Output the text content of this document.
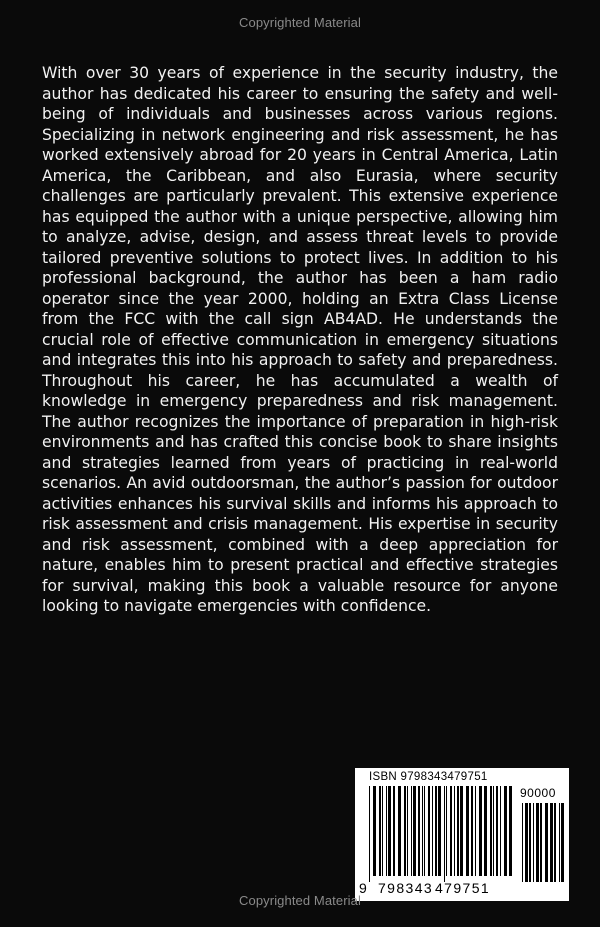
Copyrighted Material

With over 30 years of experience in the security industry, the author has dedicated his career to ensuring the safety and well-being of individuals and businesses across various regions. Specializing in network engineering and risk assessment, he has worked extensively abroad for 20 years in Central America, Latin America, the Caribbean, and also Eurasia, where security challenges are particularly prevalent. This extensive experience has equipped the author with a unique perspective, allowing him to analyze, advise, design, and assess threat levels to provide tailored preventive solutions to protect lives. In addition to his professional background, the author has been a ham radio operator since the year 2000, holding an Extra Class License from the FCC with the call sign AB4AD. He understands the crucial role of effective communication in emergency situations and integrates this into his approach to safety and preparedness. Throughout his career, he has accumulated a wealth of knowledge in emergency preparedness and risk management. The author recognizes the importance of preparation in high-risk environments and has crafted this concise book to share insights and strategies learned from years of practicing in real-world scenarios. An avid outdoorsman, the author’s passion for outdoor activities enhances his survival skills and informs his approach to risk assessment and crisis management. His expertise in security and risk assessment, combined with a deep appreciation for nature, enables him to present practical and effective strategies for survival, making this book a valuable resource for anyone looking to navigate emergencies with confidence.

ISBN 9798343479751
90000
9 798343 479751
Copyrighted Material
